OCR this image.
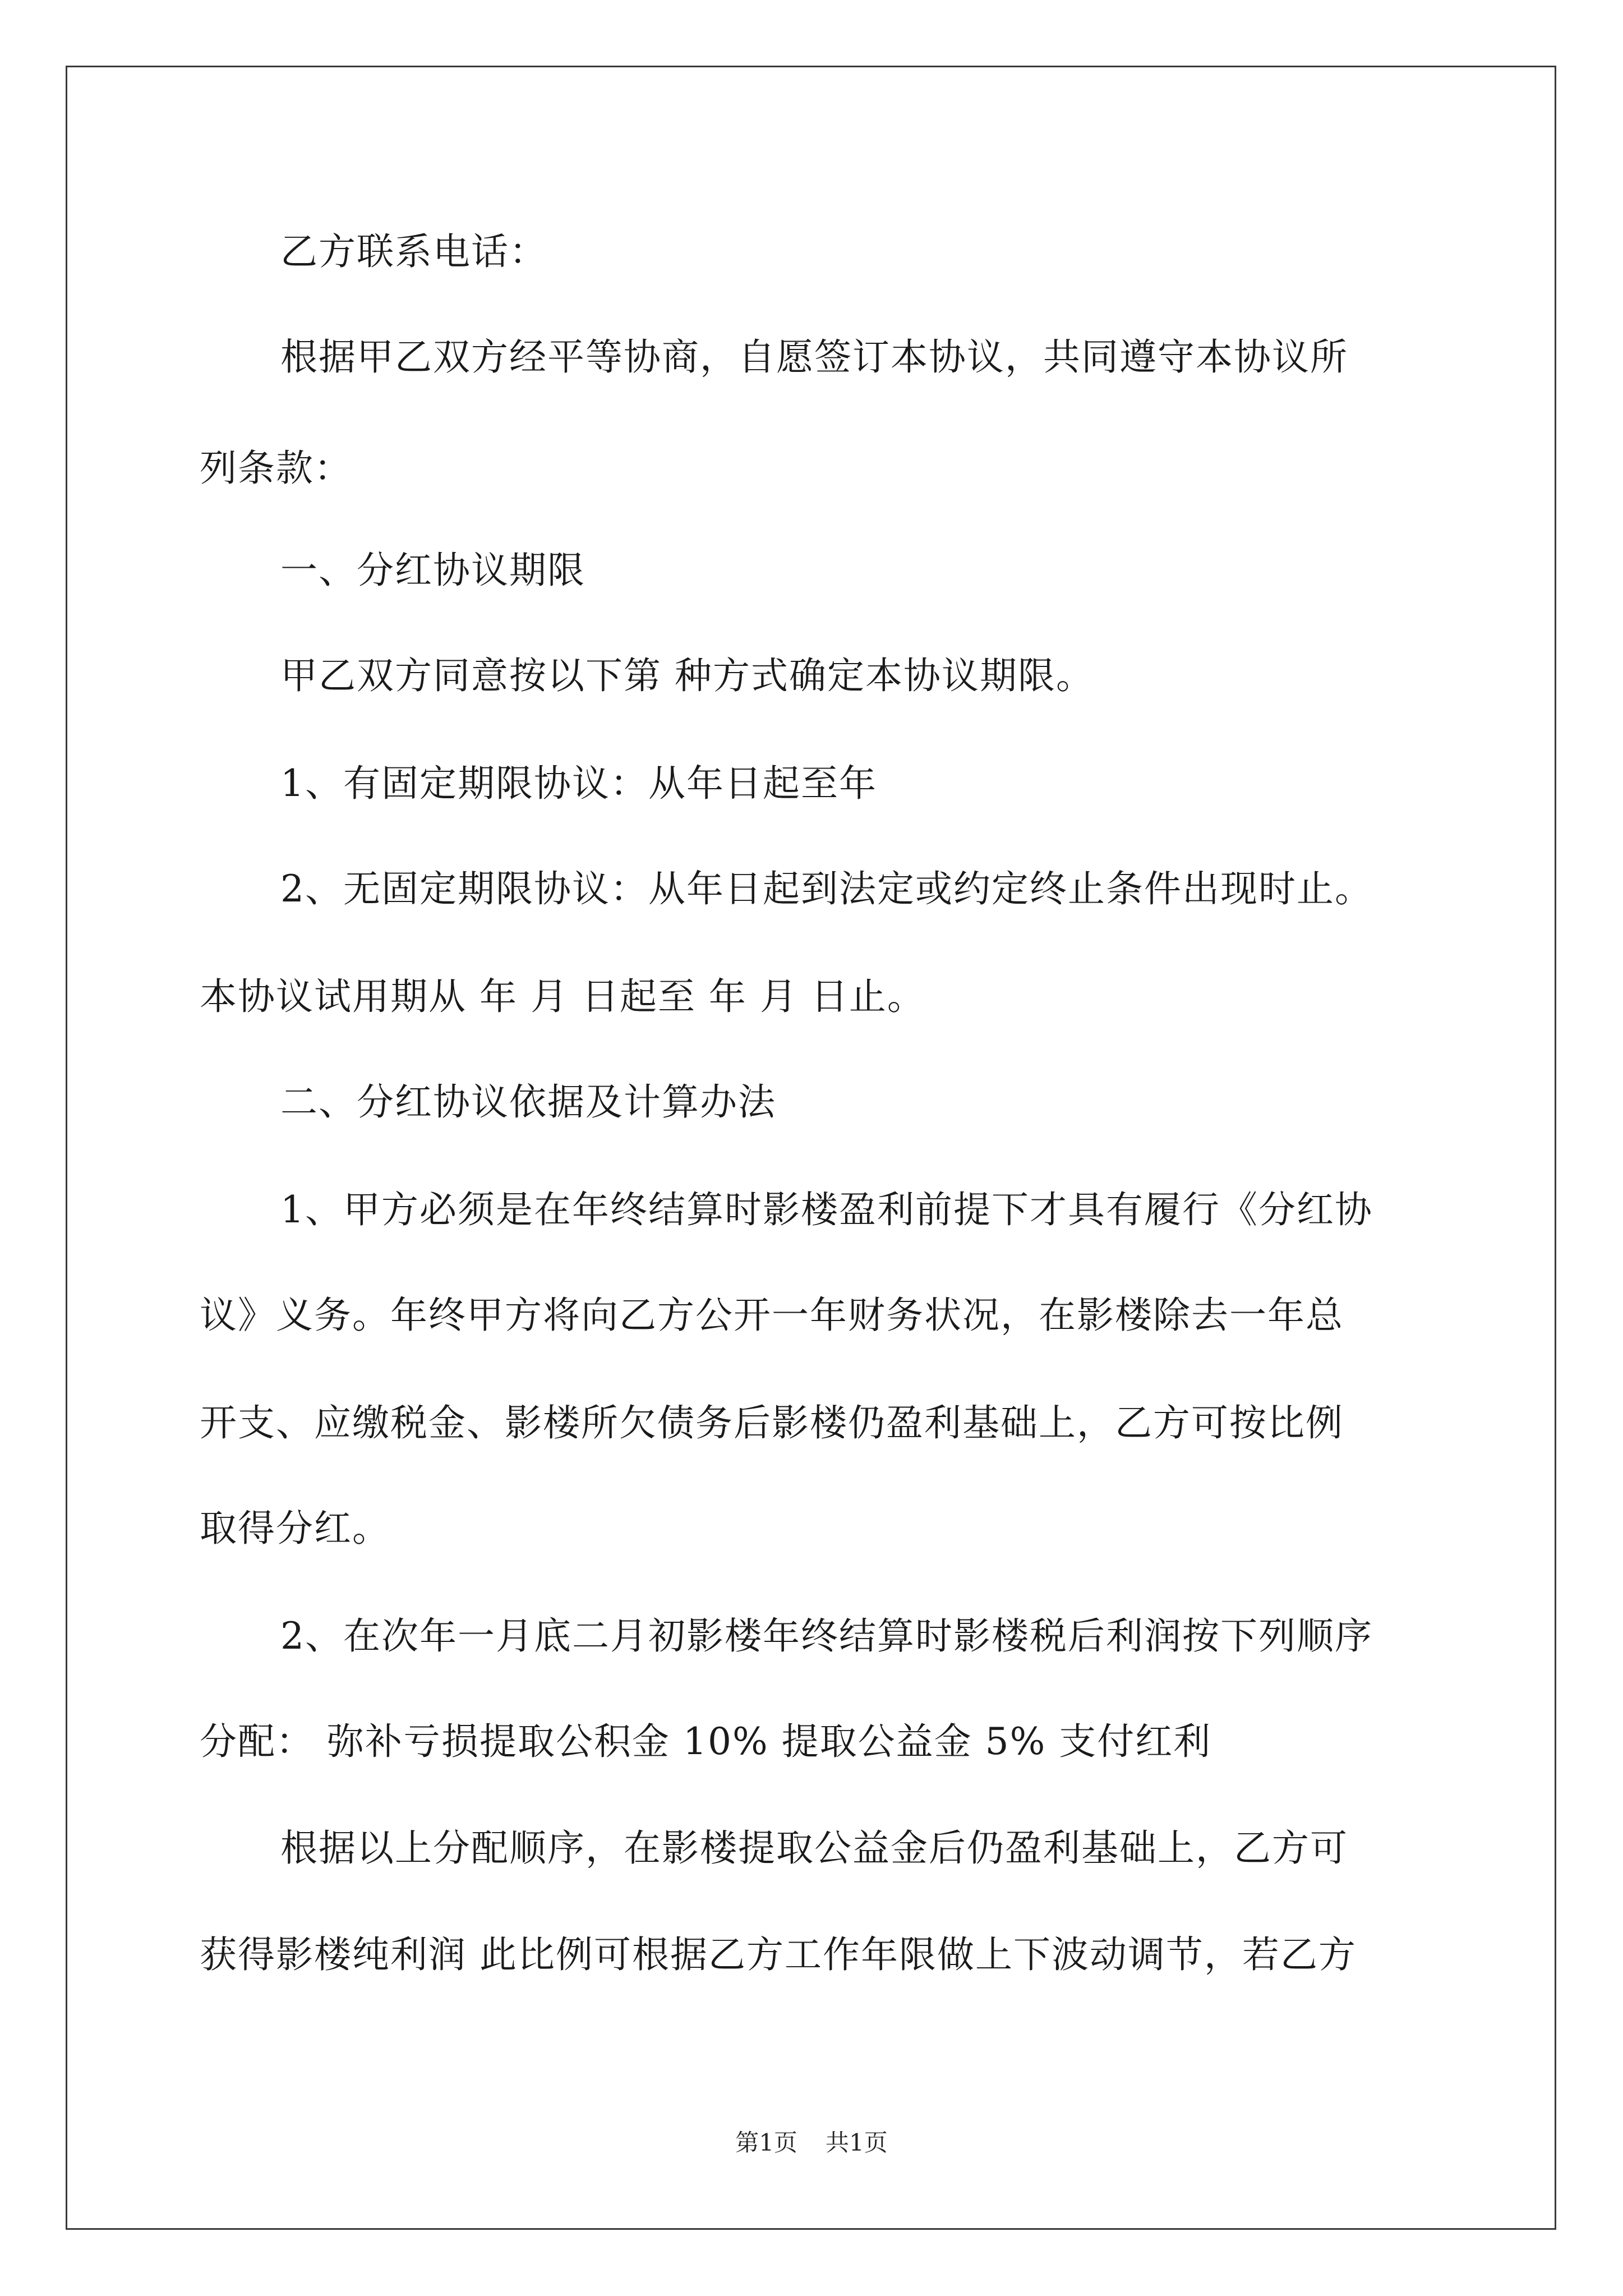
乙方联系电话：

根据甲乙双方经平等协商，自愿签订本协议，共同遵守本协议所

列条款：

一、分红协议期限

甲乙双方同意按以下第 种方式确定本协议期限。

1、有固定期限协议：从年日起至年

2、无固定期限协议：从年日起到法定或约定终止条件出现时止。

本协议试用期从 年 月 日起至 年 月 日止。

二、分红协议依据及计算办法

1、甲方必须是在年终结算时影楼盈利前提下才具有履行《分红协

议》义务。年终甲方将向乙方公开一年财务状况，在影楼除去一年总

开支、应缴税金、影楼所欠债务后影楼仍盈利基础上，乙方可按比例

取得分红。

2、在次年一月底二月初影楼年终结算时影楼税后利润按下列顺序

分配： 弥补亏损提取公积金 10% 提取公益金 5% 支付红利

根据以上分配顺序，在影楼提取公益金后仍盈利基础上，乙方可

获得影楼纯利润 此比例可根据乙方工作年限做上下波动调节，若乙方

第1页 共1页
